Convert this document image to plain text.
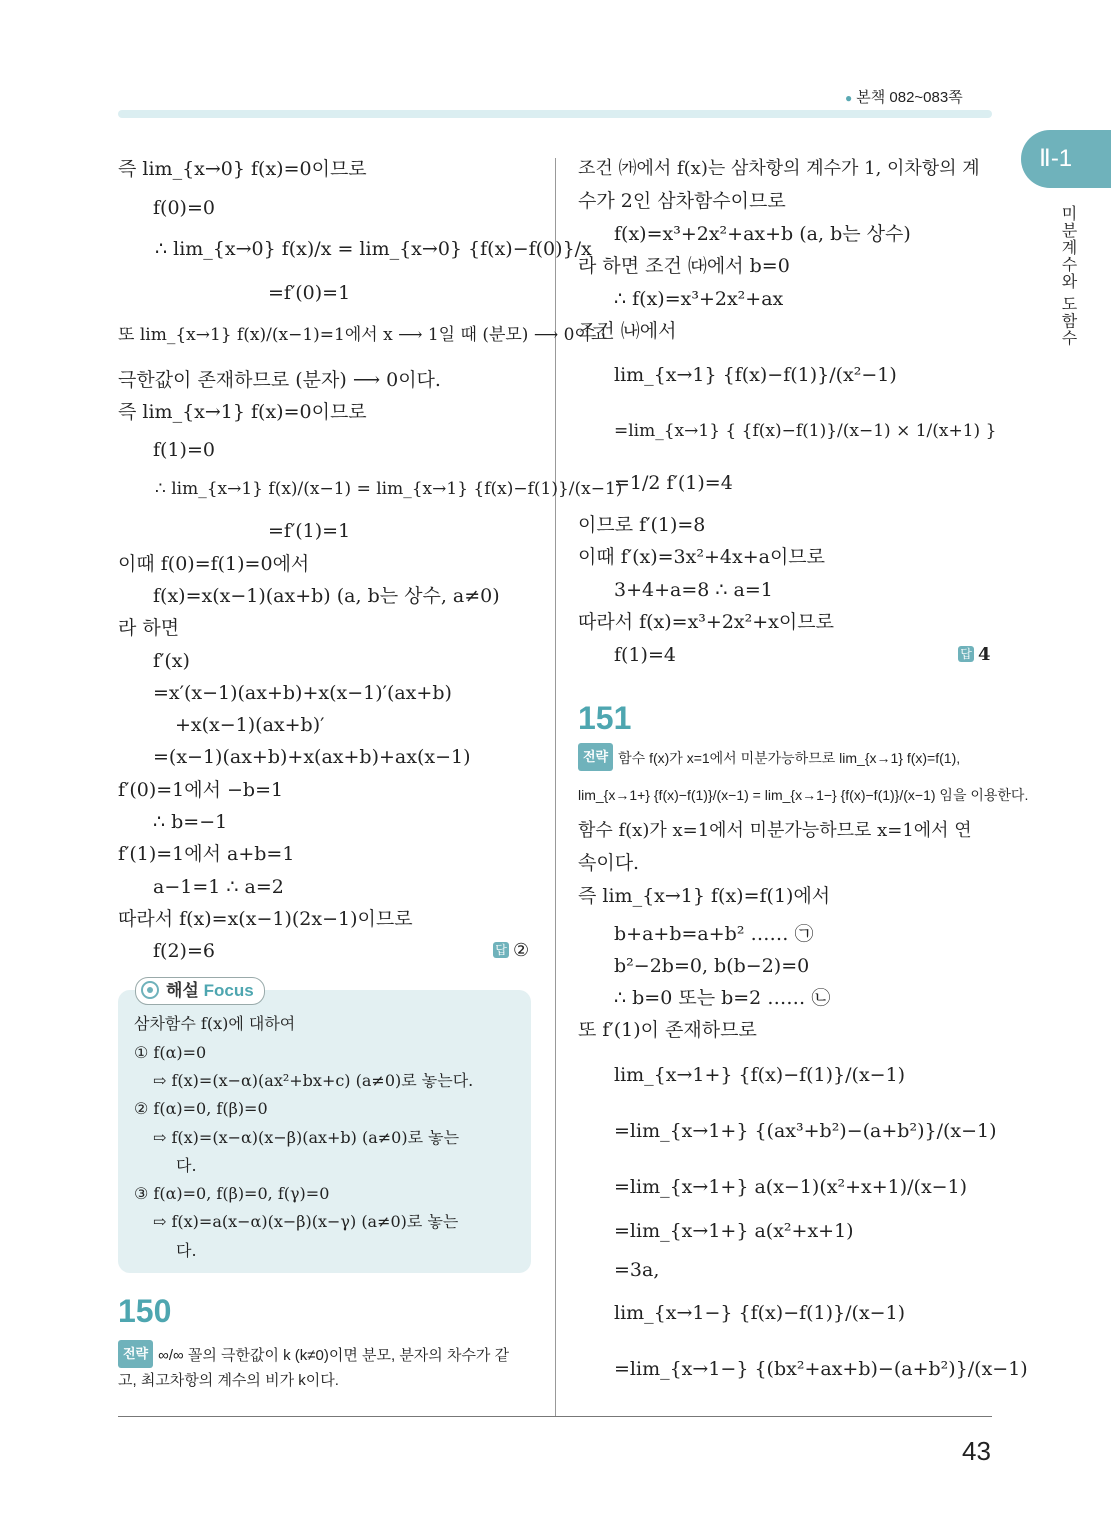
● 본책 082~083쪽
Ⅱ-1
미분계수와 도함수
즉 lim_{x→0} f(x)=0이므로
f(0)=0
∴ lim_{x→0} f(x)/x = lim_{x→0} {f(x)−f(0)}/x
=f′(0)=1
또 lim_{x→1} f(x)/(x−1)=1에서 x ⟶ 1일 때 (분모) ⟶ 0이고
극한값이 존재하므로 (분자) ⟶ 0이다.
즉 lim_{x→1} f(x)=0이므로
f(1)=0
∴ lim_{x→1} f(x)/(x−1) = lim_{x→1} {f(x)−f(1)}/(x−1)
=f′(1)=1
이때 f(0)=f(1)=0에서
f(x)=x(x−1)(ax+b) (a, b는 상수, a≠0)
라 하면
f′(x)
=x′(x−1)(ax+b)+x(x−1)′(ax+b)
+x(x−1)(ax+b)′
=(x−1)(ax+b)+x(ax+b)+ax(x−1)
f′(0)=1에서 −b=1
∴ b=−1
f′(1)=1에서 a+b=1
a−1=1 ∴ a=2
따라서 f(x)=x(x−1)(2x−1)이므로
f(2)=6	답 ②
해설 Focus
삼차함수 f(x)에 대하여
① f(α)=0
⇨ f(x)=(x−α)(ax²+bx+c) (a≠0)로 놓는다.
② f(α)=0, f(β)=0
⇨ f(x)=(x−α)(x−β)(ax+b) (a≠0)로 놓는
다.
③ f(α)=0, f(β)=0, f(γ)=0
⇨ f(x)=a(x−α)(x−β)(x−γ) (a≠0)로 놓는
다.
150
전략 ∞/∞ 꼴의 극한값이 k (k≠0)이면 분모, 분자의 차수가 같
고, 최고차항의 계수의 비가 k이다.
조건 ㈎에서 f(x)는 삼차항의 계수가 1, 이차항의 계
수가 2인 삼차함수이므로
f(x)=x³+2x²+ax+b (a, b는 상수)
라 하면 조건 ㈐에서 b=0
∴ f(x)=x³+2x²+ax
조건 ㈏에서
lim_{x→1} {f(x)−f(1)}/(x²−1)
=lim_{x→1} { {f(x)−f(1)}/(x−1) × 1/(x+1) }
=1/2 f′(1)=4
이므로 f′(1)=8
이때 f′(x)=3x²+4x+a이므로
3+4+a=8 ∴ a=1
따라서 f(x)=x³+2x²+x이므로
f(1)=4	답 4
151
전략 함수 f(x)가 x=1에서 미분가능하므로 lim_{x→1} f(x)=f(1),
lim_{x→1+} {f(x)−f(1)}/(x−1) = lim_{x→1−} {f(x)−f(1)}/(x−1) 임을 이용한다.
함수 f(x)가 x=1에서 미분가능하므로 x=1에서 연
속이다.
즉 lim_{x→1} f(x)=f(1)에서
b+a+b=a+b² …… ㉠
b²−2b=0, b(b−2)=0
∴ b=0 또는 b=2 …… ㉡
또 f′(1)이 존재하므로
lim_{x→1+} {f(x)−f(1)}/(x−1)
=lim_{x→1+} {(ax³+b²)−(a+b²)}/(x−1)
=lim_{x→1+} a(x−1)(x²+x+1)/(x−1)
=lim_{x→1+} a(x²+x+1)
=3a,
lim_{x→1−} {f(x)−f(1)}/(x−1)
=lim_{x→1−} {(bx²+ax+b)−(a+b²)}/(x−1)
43
